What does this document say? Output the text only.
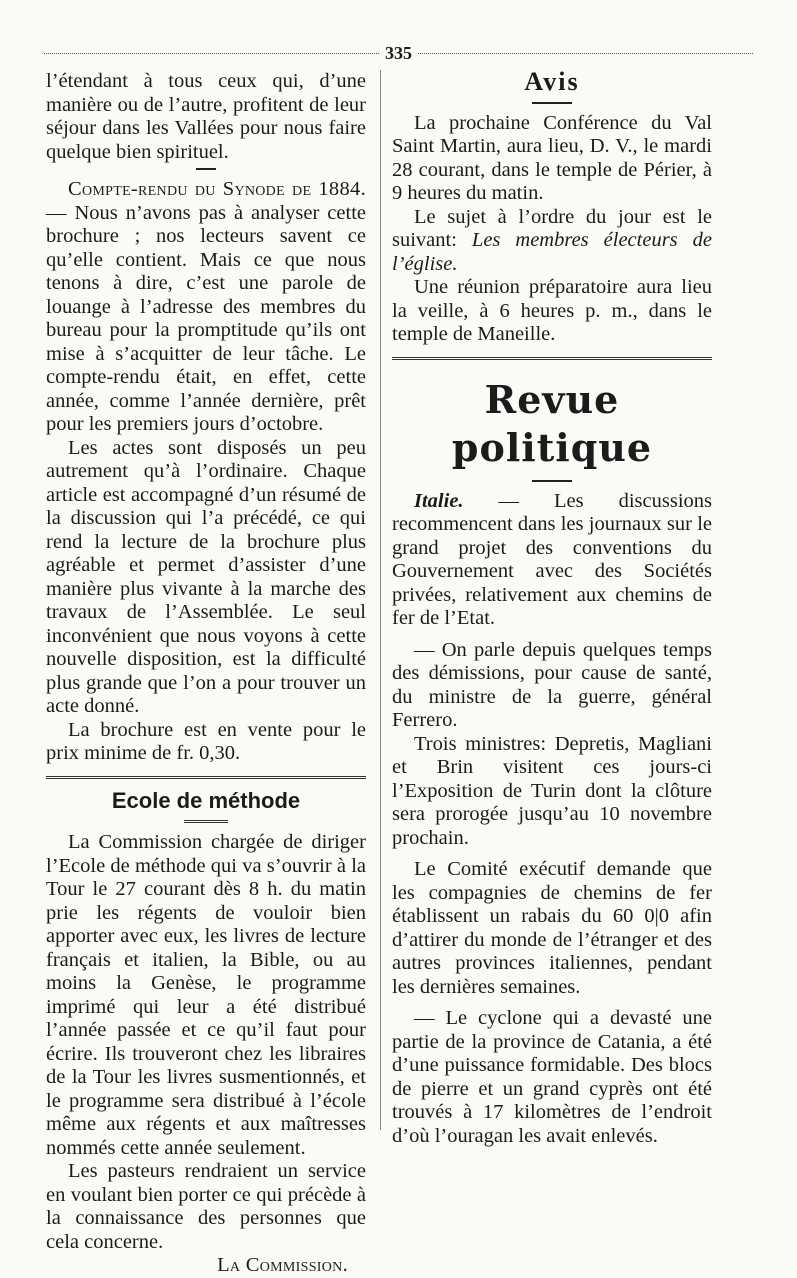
335

l’étendant à tous ceux qui, d’une manière ou de l’autre, profitent de leur séjour dans les Vallées pour nous faire quelque bien spirituel.

Compte-rendu du Synode de 1884. — Nous n’avons pas à analyser cette brochure ; nos lecteurs savent ce qu’elle contient. Mais ce que nous tenons à dire, c’est une parole de louange à l’adresse des membres du bureau pour la promptitude qu’ils ont mise à s’acquitter de leur tâche. Le compte-rendu était, en effet, cette année, comme l’année dernière, prêt pour les premiers jours d’octobre.

Les actes sont disposés un peu autrement qu’à l’ordinaire. Chaque article est accompagné d’un résumé de la discussion qui l’a précédé, ce qui rend la lecture de la brochure plus agréable et permet d’assister d’une manière plus vivante à la marche des travaux de l’Assemblée. Le seul inconvénient que nous voyons à cette nouvelle disposition, est la difficulté plus grande que l’on a pour trouver un acte donné.

La brochure est en vente pour le prix minime de fr. 0,30.

Ecole de méthode

La Commission chargée de diriger l’Ecole de méthode qui va s’ouvrir à la Tour le 27 courant dès 8 h. du matin prie les régents de vouloir bien apporter avec eux, les livres de lecture français et italien, la Bible, ou au moins la Genèse, le programme imprimé qui leur a été distribué l’année passée et ce qu’il faut pour écrire. Ils trouveront chez les libraires de la Tour les livres susmentionnés, et le programme sera distribué à l’école même aux régents et aux maîtresses nommés cette année seulement.

Les pasteurs rendraient un service en voulant bien porter ce qui précède à la connaissance des personnes que cela concerne.

La Commission.

Avis

La prochaine Conférence du Val Saint Martin, aura lieu, D. V., le mardi 28 courant, dans le temple de Périer, à 9 heures du matin.

Le sujet à l’ordre du jour est le suivant: Les membres électeurs de l’église.

Une réunion préparatoire aura lieu la veille, à 6 heures p. m., dans le temple de Maneille.

Revue politique

Italie. — Les discussions recommencent dans les journaux sur le grand projet des conventions du Gouvernement avec des Sociétés privées, relativement aux chemins de fer de l’Etat.

— On parle depuis quelques temps des démissions, pour cause de santé, du ministre de la guerre, général Ferrero.

Trois ministres: Depretis, Magliani et Brin visitent ces jours-ci l’Exposition de Turin dont la clôture sera prorogée jusqu’au 10 novembre prochain.

Le Comité exécutif demande que les compagnies de chemins de fer établissent un rabais du 60 0|0 afin d’attirer du monde de l’étranger et des autres provinces italiennes, pendant les dernières semaines.

— Le cyclone qui a devasté une partie de la province de Catania, a été d’une puissance formidable. Des blocs de pierre et un grand cyprès ont été trouvés à 17 kilomètres de l’endroit d’où l’ouragan les avait enlevés.
